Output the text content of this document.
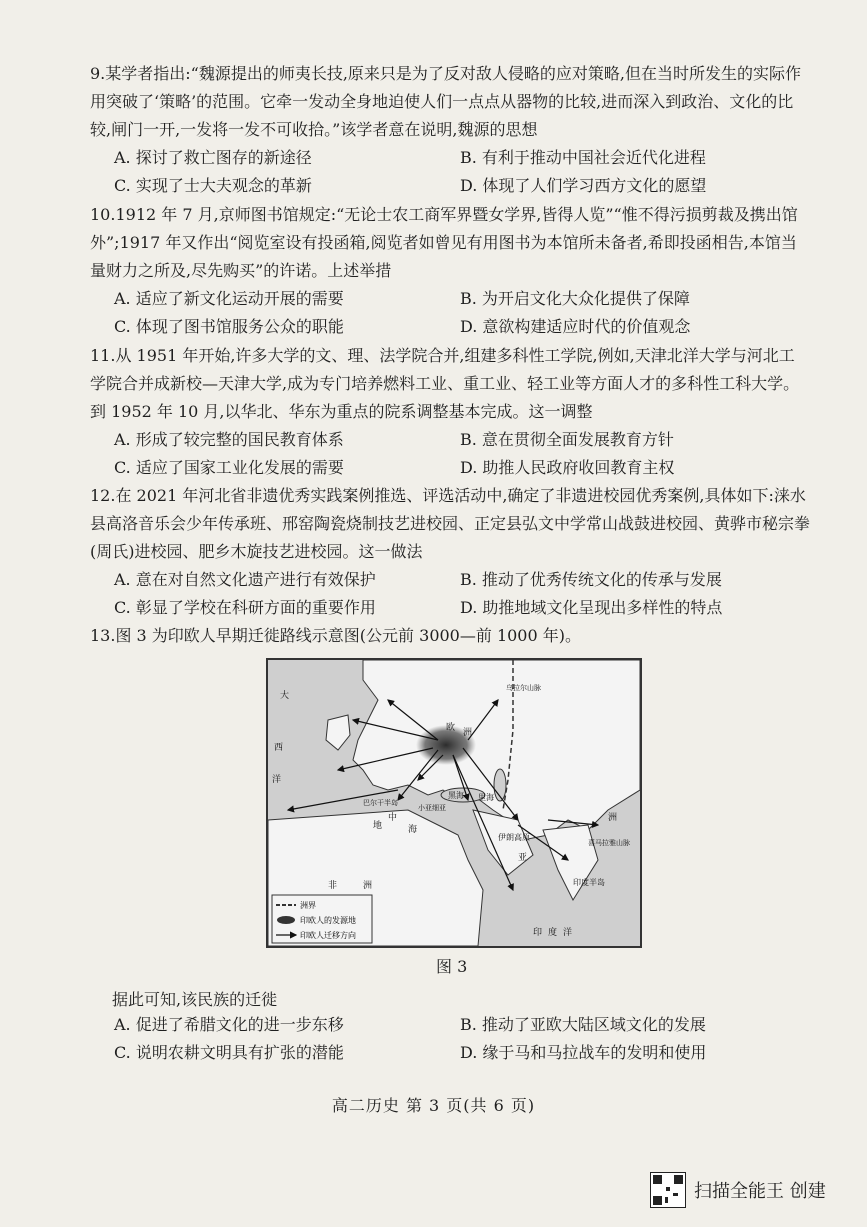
9.某学者指出:“魏源提出的师夷长技,原来只是为了反对敌人侵略的应对策略,但在当时所发生的实际作用突破了‘策略’的范围。它牵一发动全身地迫使人们一点点从器物的比较,进而深入到政治、文化的比较,闸门一开,一发将一发不可收拾。”该学者意在说明,魏源的思想

A. 探讨了救亡图存的新途径	B. 有利于推动中国社会近代化进程
C. 实现了士大夫观念的革新	D. 体现了人们学习西方文化的愿望

10.1912 年 7 月,京师图书馆规定:“无论士农工商军界暨女学界,皆得人览”“惟不得污损剪裁及携出馆外”;1917 年又作出“阅览室设有投函箱,阅览者如曾见有用图书为本馆所未备者,希即投函相告,本馆当量财力之所及,尽先购买”的许诺。上述举措

A. 适应了新文化运动开展的需要	B. 为开启文化大众化提供了保障
C. 体现了图书馆服务公众的职能	D. 意欲构建适应时代的价值观念

11.从 1951 年开始,许多大学的文、理、法学院合并,组建多科性工学院,例如,天津北洋大学与河北工学院合并成新校—天津大学,成为专门培养燃料工业、重工业、轻工业等方面人才的多科性工科大学。到 1952 年 10 月,以华北、华东为重点的院系调整基本完成。这一调整

A. 形成了较完整的国民教育体系	B. 意在贯彻全面发展教育方针
C. 适应了国家工业化发展的需要	D. 助推人民政府收回教育主权

12.在 2021 年河北省非遗优秀实践案例推选、评选活动中,确定了非遗进校园优秀案例,具体如下:涞水县高洛音乐会少年传承班、邢窑陶瓷烧制技艺进校园、正定县弘文中学常山战鼓进校园、黄骅市秘宗拳(周氏)进校园、肥乡木旋技艺进校园。这一做法

A. 意在对自然文化遗产进行有效保护	B. 推动了优秀传统文化的传承与发展
C. 彰显了学校在科研方面的重要作用	D. 助推地域文化呈现出多样性的特点

13.图 3 为印欧人早期迁徙路线示意图(公元前 3000—前 1000 年)。

大
西
洋
欧 洲
印 度 洋
非	洲
中
海
黑海 里海
巴尔干半岛
小亚细亚
伊朗高原
亚
洲
印度半岛
乌拉尔山脉
喜马拉雅山脉
地
洲界
印欧人的发源地
印欧人迁移方向
图 3
据此可知,该民族的迁徙
A. 促进了希腊文化的进一步东移	B. 推动了亚欧大陆区域文化的发展
C. 说明农耕文明具有扩张的潜能	D. 缘于马和马拉战车的发明和使用
高二历史 第 3 页(共 6 页)
扫描全能王 创建
